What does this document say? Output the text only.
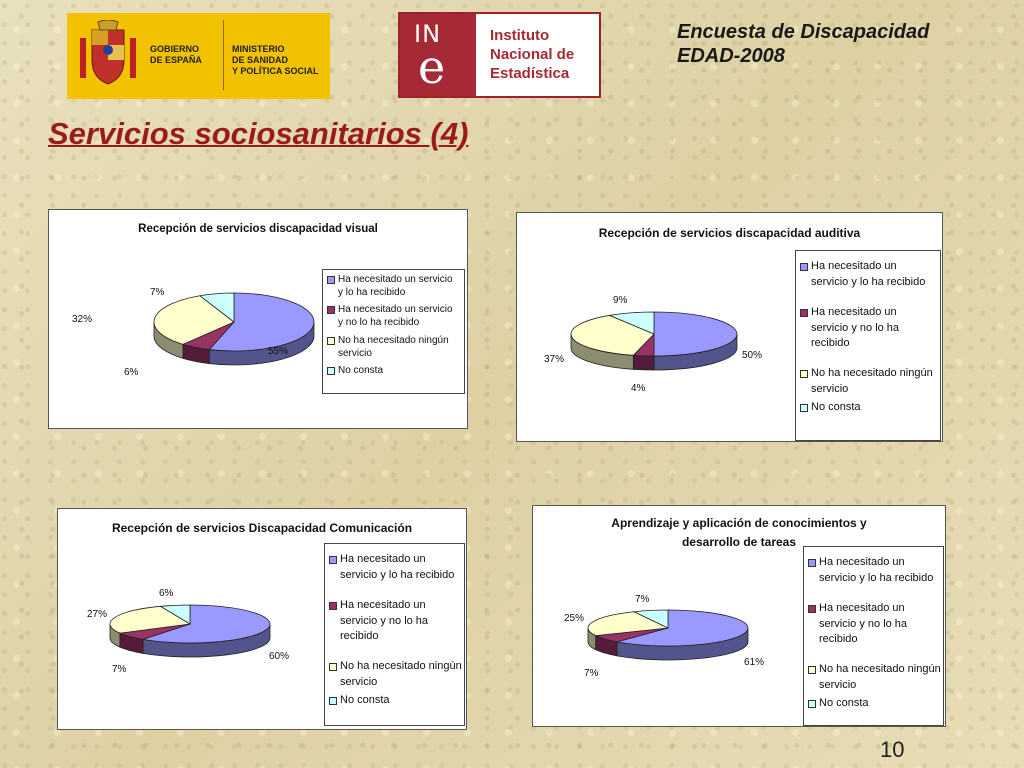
GOBIERNO
DE ESPAÑA
MINISTERIO
DE SANIDAD
Y POLÍTICA SOCIAL
IN
e
Instituto
Nacional de
Estadística
Encuesta de Discapacidad
EDAD-2008
Servicios sociosanitarios (4)
Recepción de servicios discapacidad visual
55%
6%
32%
7%
Ha necesitado un servicio
y lo ha recibido
Ha necesitado un servicio
y no lo ha recibido
No ha necesitado ningún
servicio
No consta
Recepción de servicios discapacidad auditiva
50%
4%
37%
9%
Ha necesitado un
servicio y lo ha recibido
Ha necesitado un
servicio y no lo ha
recibido
No ha necesitado ningún
servicio
No consta
Recepción de servicios Discapacidad Comunicación
60%
7%
27%
6%
Ha necesitado un
servicio y lo ha recibido
Ha necesitado un
servicio y no lo ha
recibido
No ha necesitado ningún
servicio
No consta
Aprendizaje y aplicación de conocimientos y
desarrollo de tareas
61%
7%
25%
7%
Ha necesitado un
servicio y lo ha recibido
Ha necesitado un
servicio y no lo ha
recibido
No ha necesitado ningún
servicio
No consta
10
